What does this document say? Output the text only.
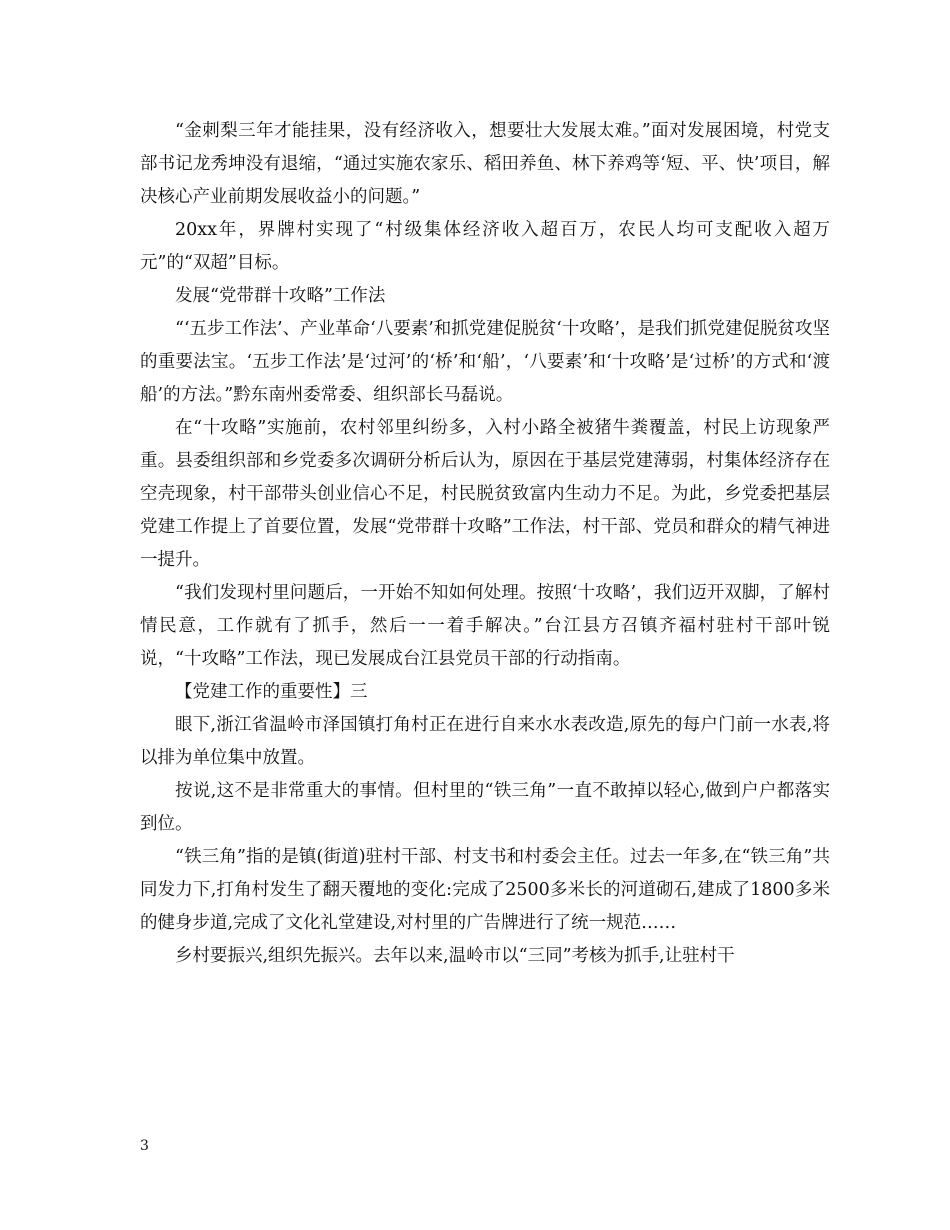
“金刺梨三年才能挂果，没有经济收入，想要壮大发展太难。”面对发展困境，村党支部书记龙秀坤没有退缩，“通过实施农家乐、稻田养鱼、林下养鸡等‘短、平、快’项目，解决核心产业前期发展收益小的问题。”

20xx年，界牌村实现了“村级集体经济收入超百万，农民人均可支配收入超万元”的“双超”目标。

发展“党带群十攻略”工作法

“‘五步工作法’、产业革命‘八要素’和抓党建促脱贫‘十攻略’，是我们抓党建促脱贫攻坚的重要法宝。‘五步工作法’是‘过河’的‘桥’和‘船’，‘八要素’和‘十攻略’是‘过桥’的方式和‘渡船’的方法。”黔东南州委常委、组织部长马磊说。

在“十攻略”实施前，农村邻里纠纷多，入村小路全被猪牛粪覆盖，村民上访现象严重。县委组织部和乡党委多次调研分析后认为，原因在于基层党建薄弱，村集体经济存在空壳现象，村干部带头创业信心不足，村民脱贫致富内生动力不足。为此，乡党委把基层党建工作提上了首要位置，发展“党带群十攻略”工作法，村干部、党员和群众的精气神进一提升。

“我们发现村里问题后，一开始不知如何处理。按照‘十攻略’，我们迈开双脚，了解村情民意，工作就有了抓手，然后一一着手解决。”台江县方召镇齐福村驻村干部叶锐说，“十攻略”工作法，现已发展成台江县党员干部的行动指南。

【党建工作的重要性】三

眼下,浙江省温岭市泽国镇打角村正在进行自来水水表改造,原先的每户门前一水表,将以排为单位集中放置。

按说,这不是非常重大的事情。但村里的“铁三角”一直不敢掉以轻心,做到户户都落实到位。

“铁三角”指的是镇(街道)驻村干部、村支书和村委会主任。过去一年多,在“铁三角”共同发力下,打角村发生了翻天覆地的变化:完成了2500多米长的河道砌石,建成了1800多米的健身步道,完成了文化礼堂建设,对村里的广告牌进行了统一规范……

乡村要振兴,组织先振兴。去年以来,温岭市以“三同”考核为抓手,让驻村干

3
